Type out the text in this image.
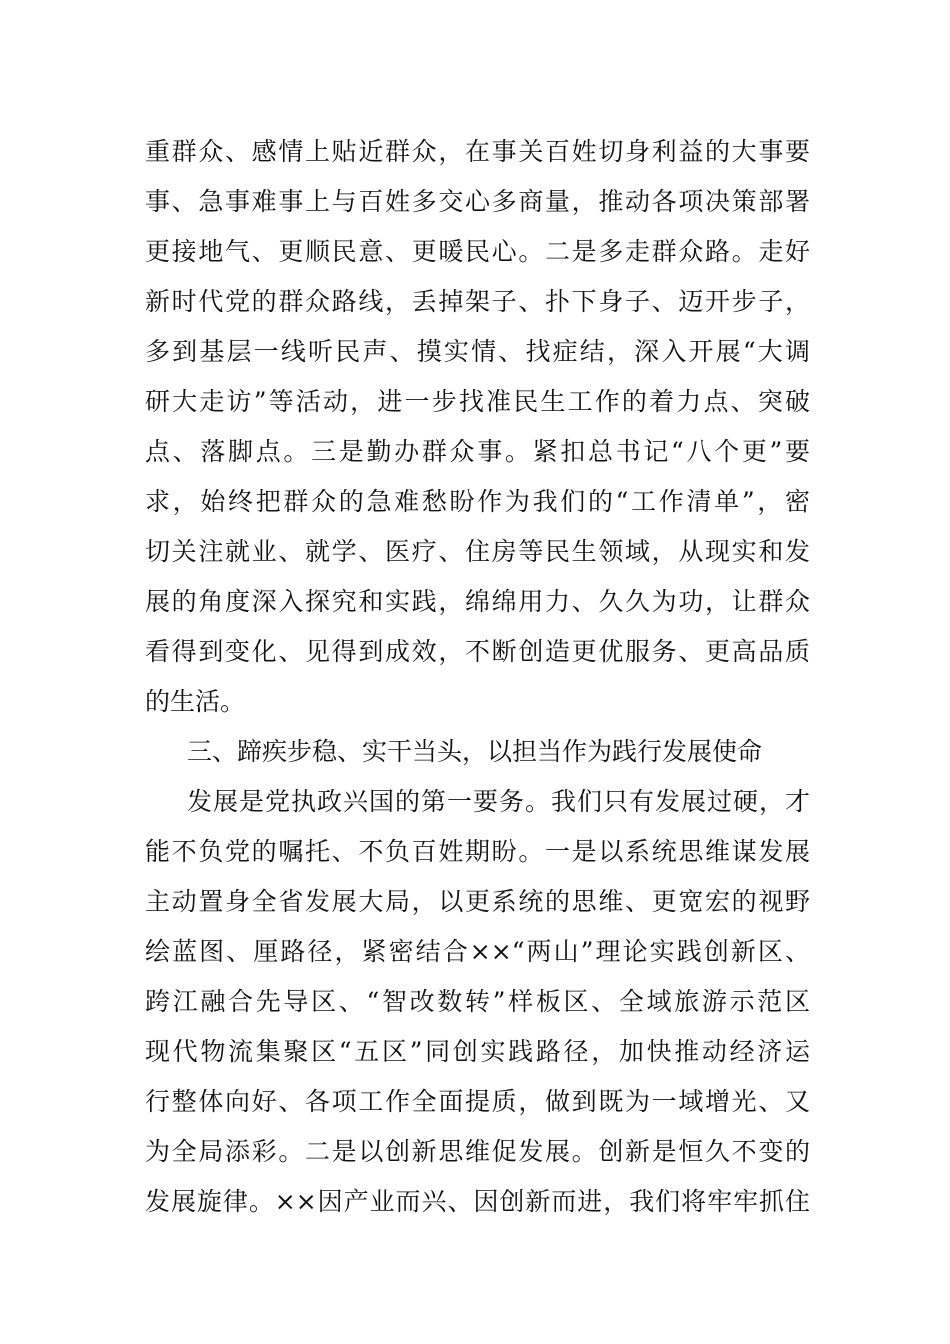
重群众、感情上贴近群众，在事关百姓切身利益的大事要
事、急事难事上与百姓多交心多商量，推动各项决策部署
更接地气、更顺民意、更暖民心。二是多走群众路。走好
新时代党的群众路线，丢掉架子、扑下身子、迈开步子，
多到基层一线听民声、摸实情、找症结，深入开展“大调
研大走访”等活动，进一步找准民生工作的着力点、突破
点、落脚点。三是勤办群众事。紧扣总书记“八个更”要
求，始终把群众的急难愁盼作为我们的“工作清单”，密
切关注就业、就学、医疗、住房等民生领域，从现实和发
展的角度深入探究和实践，绵绵用力、久久为功，让群众
看得到变化、见得到成效，不断创造更优服务、更高品质
的生活。
三、蹄疾步稳、实干当头，以担当作为践行发展使命
发展是党执政兴国的第一要务。我们只有发展过硬，才
能不负党的嘱托、不负百姓期盼。一是以系统思维谋发展
主动置身全省发展大局，以更系统的思维、更宽宏的视野
绘蓝图、厘路径，紧密结合××“两山”理论实践创新区、
跨江融合先导区、“智改数转”样板区、全域旅游示范区
现代物流集聚区“五区”同创实践路径，加快推动经济运
行整体向好、各项工作全面提质，做到既为一域增光、又
为全局添彩。二是以创新思维促发展。创新是恒久不变的
发展旋律。××因产业而兴、因创新而进，我们将牢牢抓住
